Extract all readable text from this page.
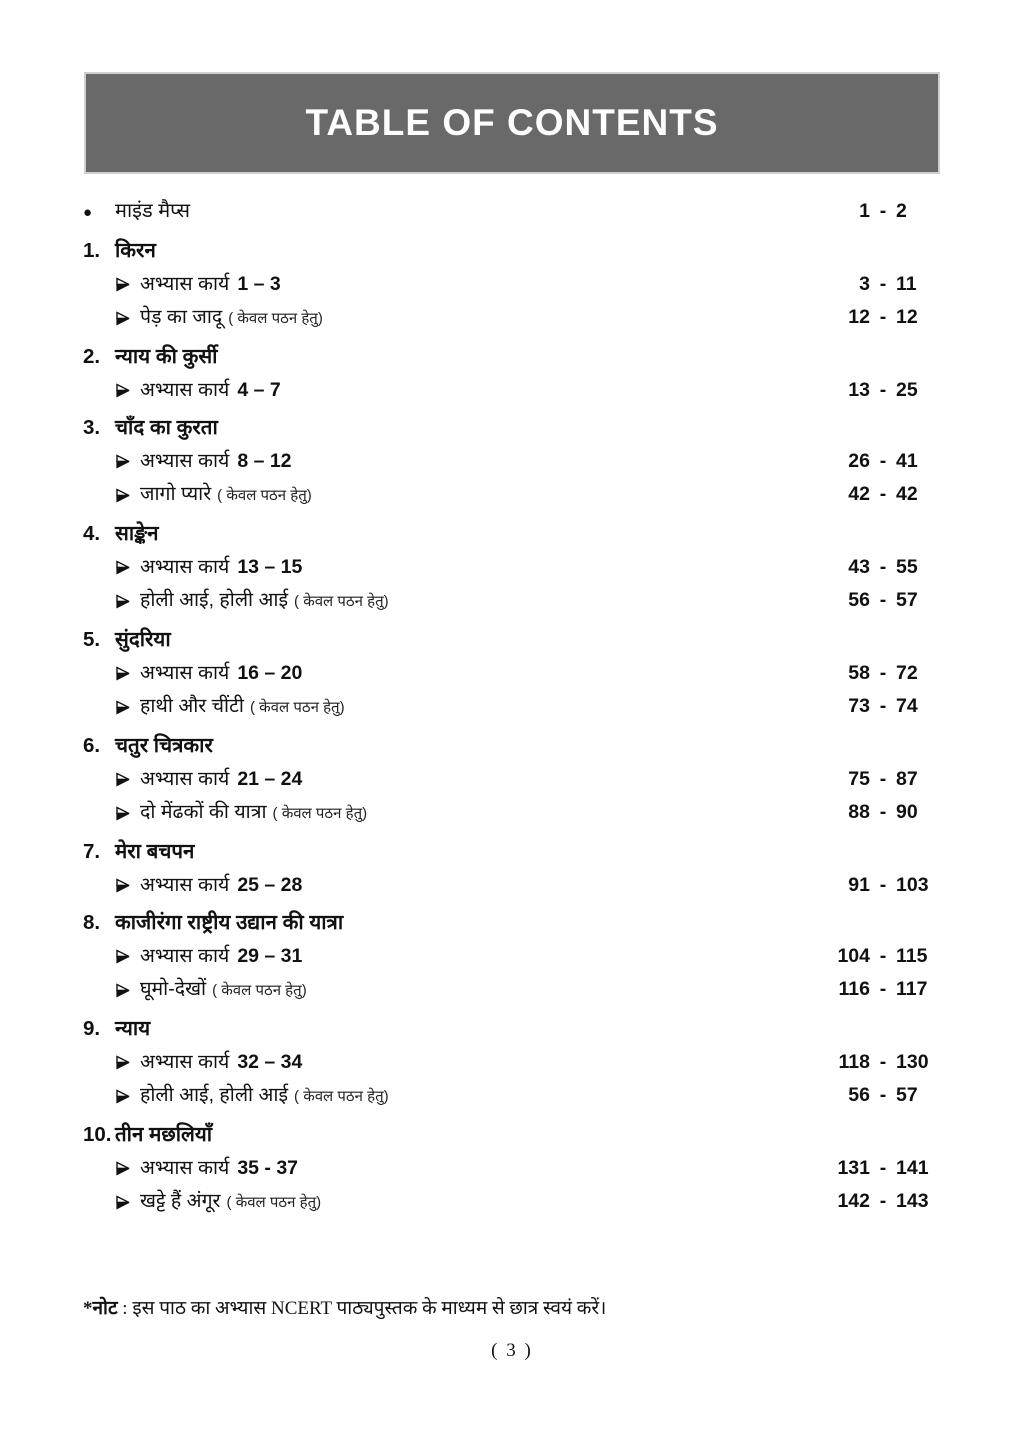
TABLE OF CONTENTS
●	माइंड मैप्स	1 - 2
1. किरन
अभ्यास कार्य 1 – 3	3 - 11
पेड़ का जादू ( केवल पठन हेतु)	12 - 12
2. न्याय की कुर्सी
अभ्यास कार्य 4 – 7	13 - 25
3. चाँद का कुरता
अभ्यास कार्य 8 – 12	26 - 41
जागो प्यारे ( केवल पठन हेतु)	42 - 42
4. साङ्केन
अभ्यास कार्य 13 – 15	43 - 55
होली आई, होली आई ( केवल पठन हेतु)	56 - 57
5. सुंदरिया
अभ्यास कार्य 16 – 20	58 - 72
हाथी और चींटी ( केवल पठन हेतु)	73 - 74
6. चतुर चित्रकार
अभ्यास कार्य 21 – 24	75 - 87
दो मेंढकों की यात्रा ( केवल पठन हेतु)	88 - 90
7. मेरा बचपन
अभ्यास कार्य 25 – 28	91 - 103
8. काजीरंगा राष्ट्रीय उद्यान की यात्रा
अभ्यास कार्य 29 – 31	104 - 115
घूमो-देखों ( केवल पठन हेतु)	116 - 117
9. न्याय
अभ्यास कार्य 32 – 34	118 - 130
होली आई, होली आई ( केवल पठन हेतु)	56 - 57
10. तीन मछलियाँ
अभ्यास कार्य 35 - 37	131 - 141
खट्टे हैं अंगूर ( केवल पठन हेतु)	142 - 143

*नोट : इस पाठ का अभ्यास NCERT पाठ्यपुस्तक के माध्यम से छात्र स्वयं करें।

( 3 )
